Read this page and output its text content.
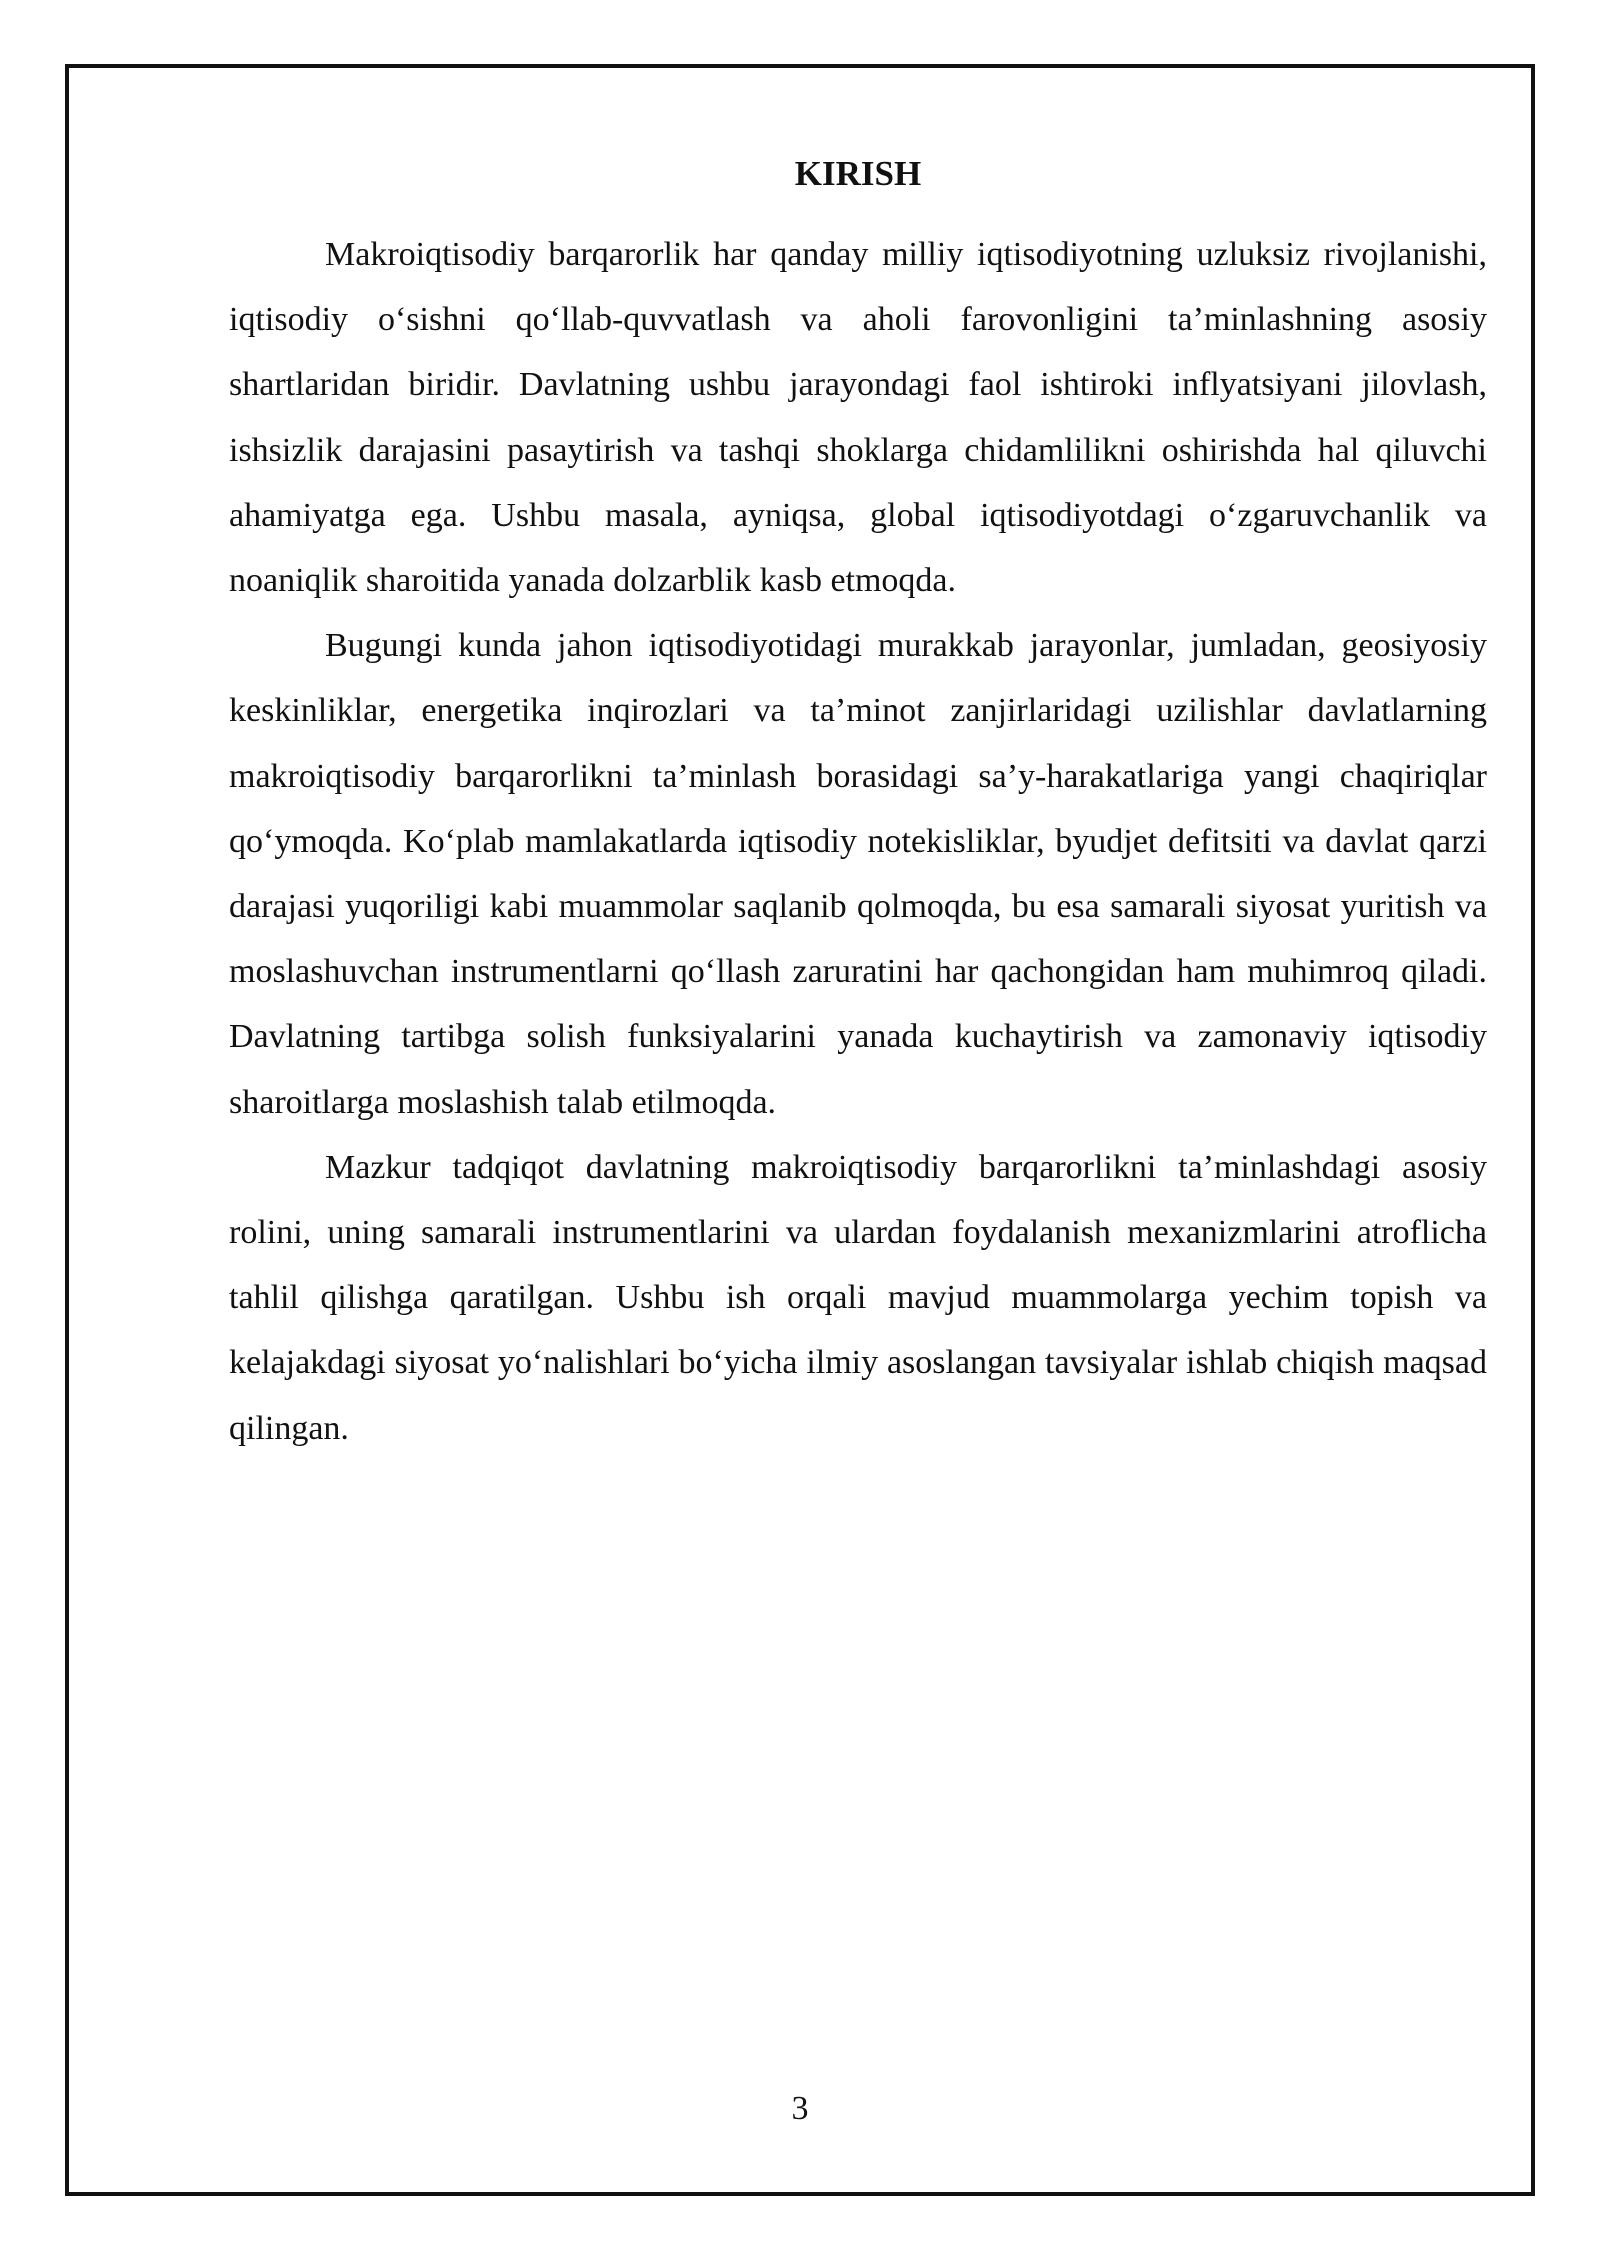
KIRISH

Makroiqtisodiy barqarorlik har qanday milliy iqtisodiyotning uzluksiz rivojlanishi, iqtisodiy o‘sishni qo‘llab-quvvatlash va aholi farovonligini ta’minlashning asosiy shartlaridan biridir. Davlatning ushbu jarayondagi faol ishtiroki inflyatsiyani jilovlash, ishsizlik darajasini pasaytirish va tashqi shoklarga chidamlilikni oshirishda hal qiluvchi ahamiyatga ega. Ushbu masala, ayniqsa, global iqtisodiyotdagi o‘zgaruvchanlik va noaniqlik sharoitida yanada dolzarblik kasb etmoqda.

Bugungi kunda jahon iqtisodiyotidagi murakkab jarayonlar, jumladan, geosiyosiy keskinliklar, energetika inqirozlari va ta’minot zanjirlaridagi uzilishlar davlatlarning makroiqtisodiy barqarorlikni ta’minlash borasidagi sa’y-harakatlariga yangi chaqiriqlar qo‘ymoqda. Ko‘plab mamlakatlarda iqtisodiy notekisliklar, byudjet defitsiti va davlat qarzi darajasi yuqoriligi kabi muammolar saqlanib qolmoqda, bu esa samarali siyosat yuritish va moslashuvchan instrumentlarni qo‘llash zaruratini har qachongidan ham muhimroq qiladi. Davlatning tartibga solish funksiyalarini yanada kuchaytirish va zamonaviy iqtisodiy sharoitlarga moslashish talab etilmoqda.

Mazkur tadqiqot davlatning makroiqtisodiy barqarorlikni ta’minlashdagi asosiy rolini, uning samarali instrumentlarini va ulardan foydalanish mexanizmlarini atroflicha tahlil qilishga qaratilgan. Ushbu ish orqali mavjud muammolarga yechim topish va kelajakdagi siyosat yo‘nalishlari bo‘yicha ilmiy asoslangan tavsiyalar ishlab chiqish maqsad qilingan.

3
